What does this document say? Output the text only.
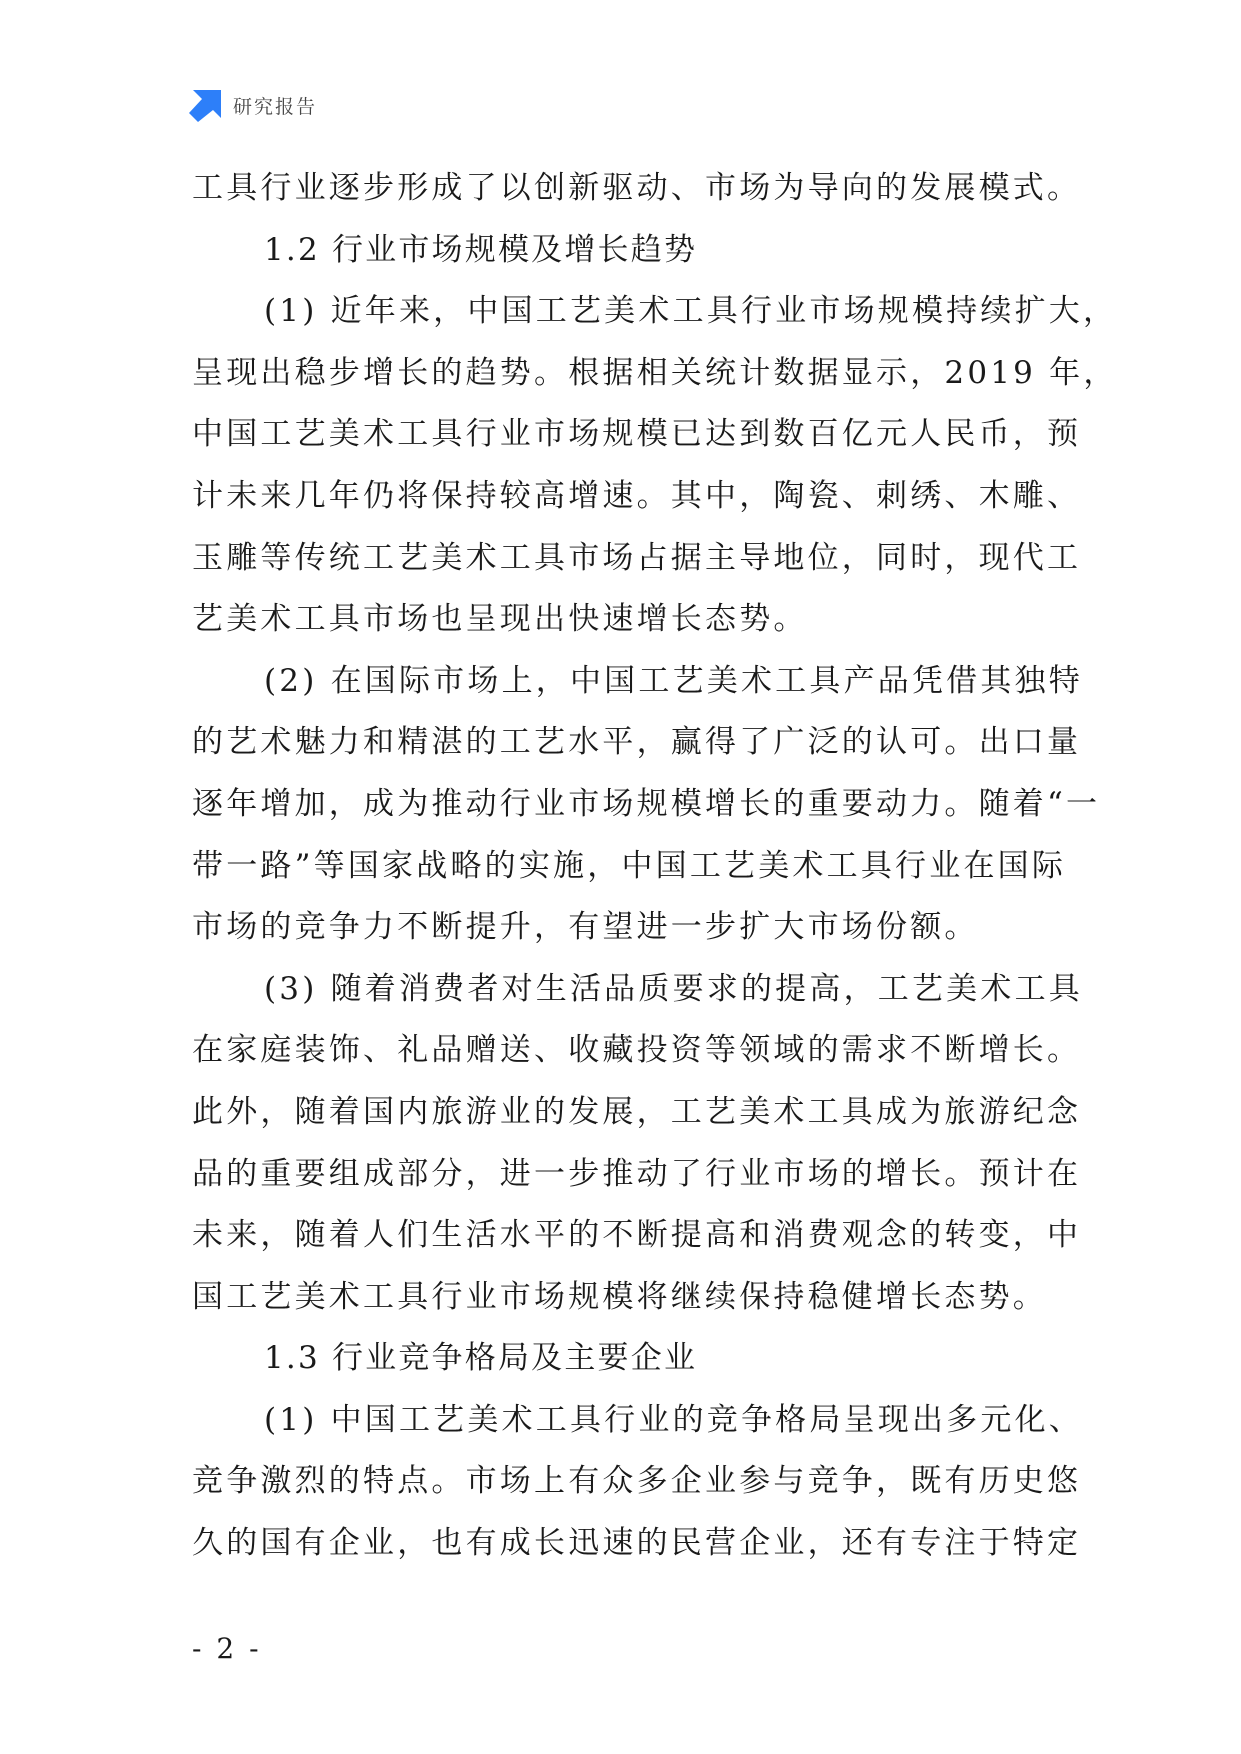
研究报告

工具行业逐步形成了以创新驱动、市场为导向的发展模式。

1.2 行业市场规模及增长趋势

(1) 近年来，中国工艺美术工具行业市场规模持续扩大，

呈现出稳步增长的趋势。根据相关统计数据显示，2019 年，

中国工艺美术工具行业市场规模已达到数百亿元人民币，预

计未来几年仍将保持较高增速。其中，陶瓷、刺绣、木雕、

玉雕等传统工艺美术工具市场占据主导地位，同时，现代工

艺美术工具市场也呈现出快速增长态势。

(2) 在国际市场上，中国工艺美术工具产品凭借其独特

的艺术魅力和精湛的工艺水平，赢得了广泛的认可。出口量

逐年增加，成为推动行业市场规模增长的重要动力。随着“一

带一路”等国家战略的实施，中国工艺美术工具行业在国际

市场的竞争力不断提升，有望进一步扩大市场份额。

(3) 随着消费者对生活品质要求的提高，工艺美术工具

在家庭装饰、礼品赠送、收藏投资等领域的需求不断增长。

此外，随着国内旅游业的发展，工艺美术工具成为旅游纪念

品的重要组成部分，进一步推动了行业市场的增长。预计在

未来，随着人们生活水平的不断提高和消费观念的转变，中

国工艺美术工具行业市场规模将继续保持稳健增长态势。

1.3 行业竞争格局及主要企业

(1) 中国工艺美术工具行业的竞争格局呈现出多元化、

竞争激烈的特点。市场上有众多企业参与竞争，既有历史悠

久的国有企业，也有成长迅速的民营企业，还有专注于特定

- 2 -
